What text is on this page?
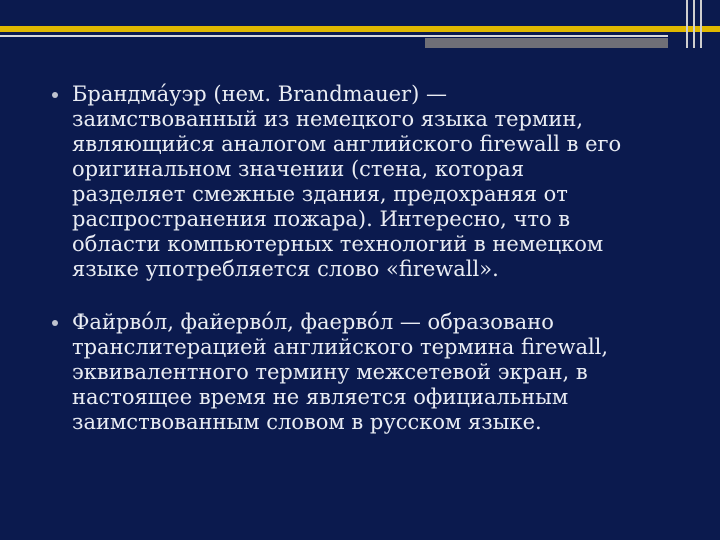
Брандма́уэр (нем. Brandmauer) —
заимствованный из немецкого языка термин,
являющийся аналогом английского firewall в его
оригинальном значении (стена, которая
разделяет смежные здания, предохраняя от
распространения пожара). Интересно, что в
области компьютерных технологий в немецком
языке употребляется слово «firewall».
Файрво́л, файерво́л, фаерво́л — образовано
транслитерацией английского термина firewall,
эквивалентного термину межсетевой экран, в
настоящее время не является официальным
заимствованным словом в русском языке.
